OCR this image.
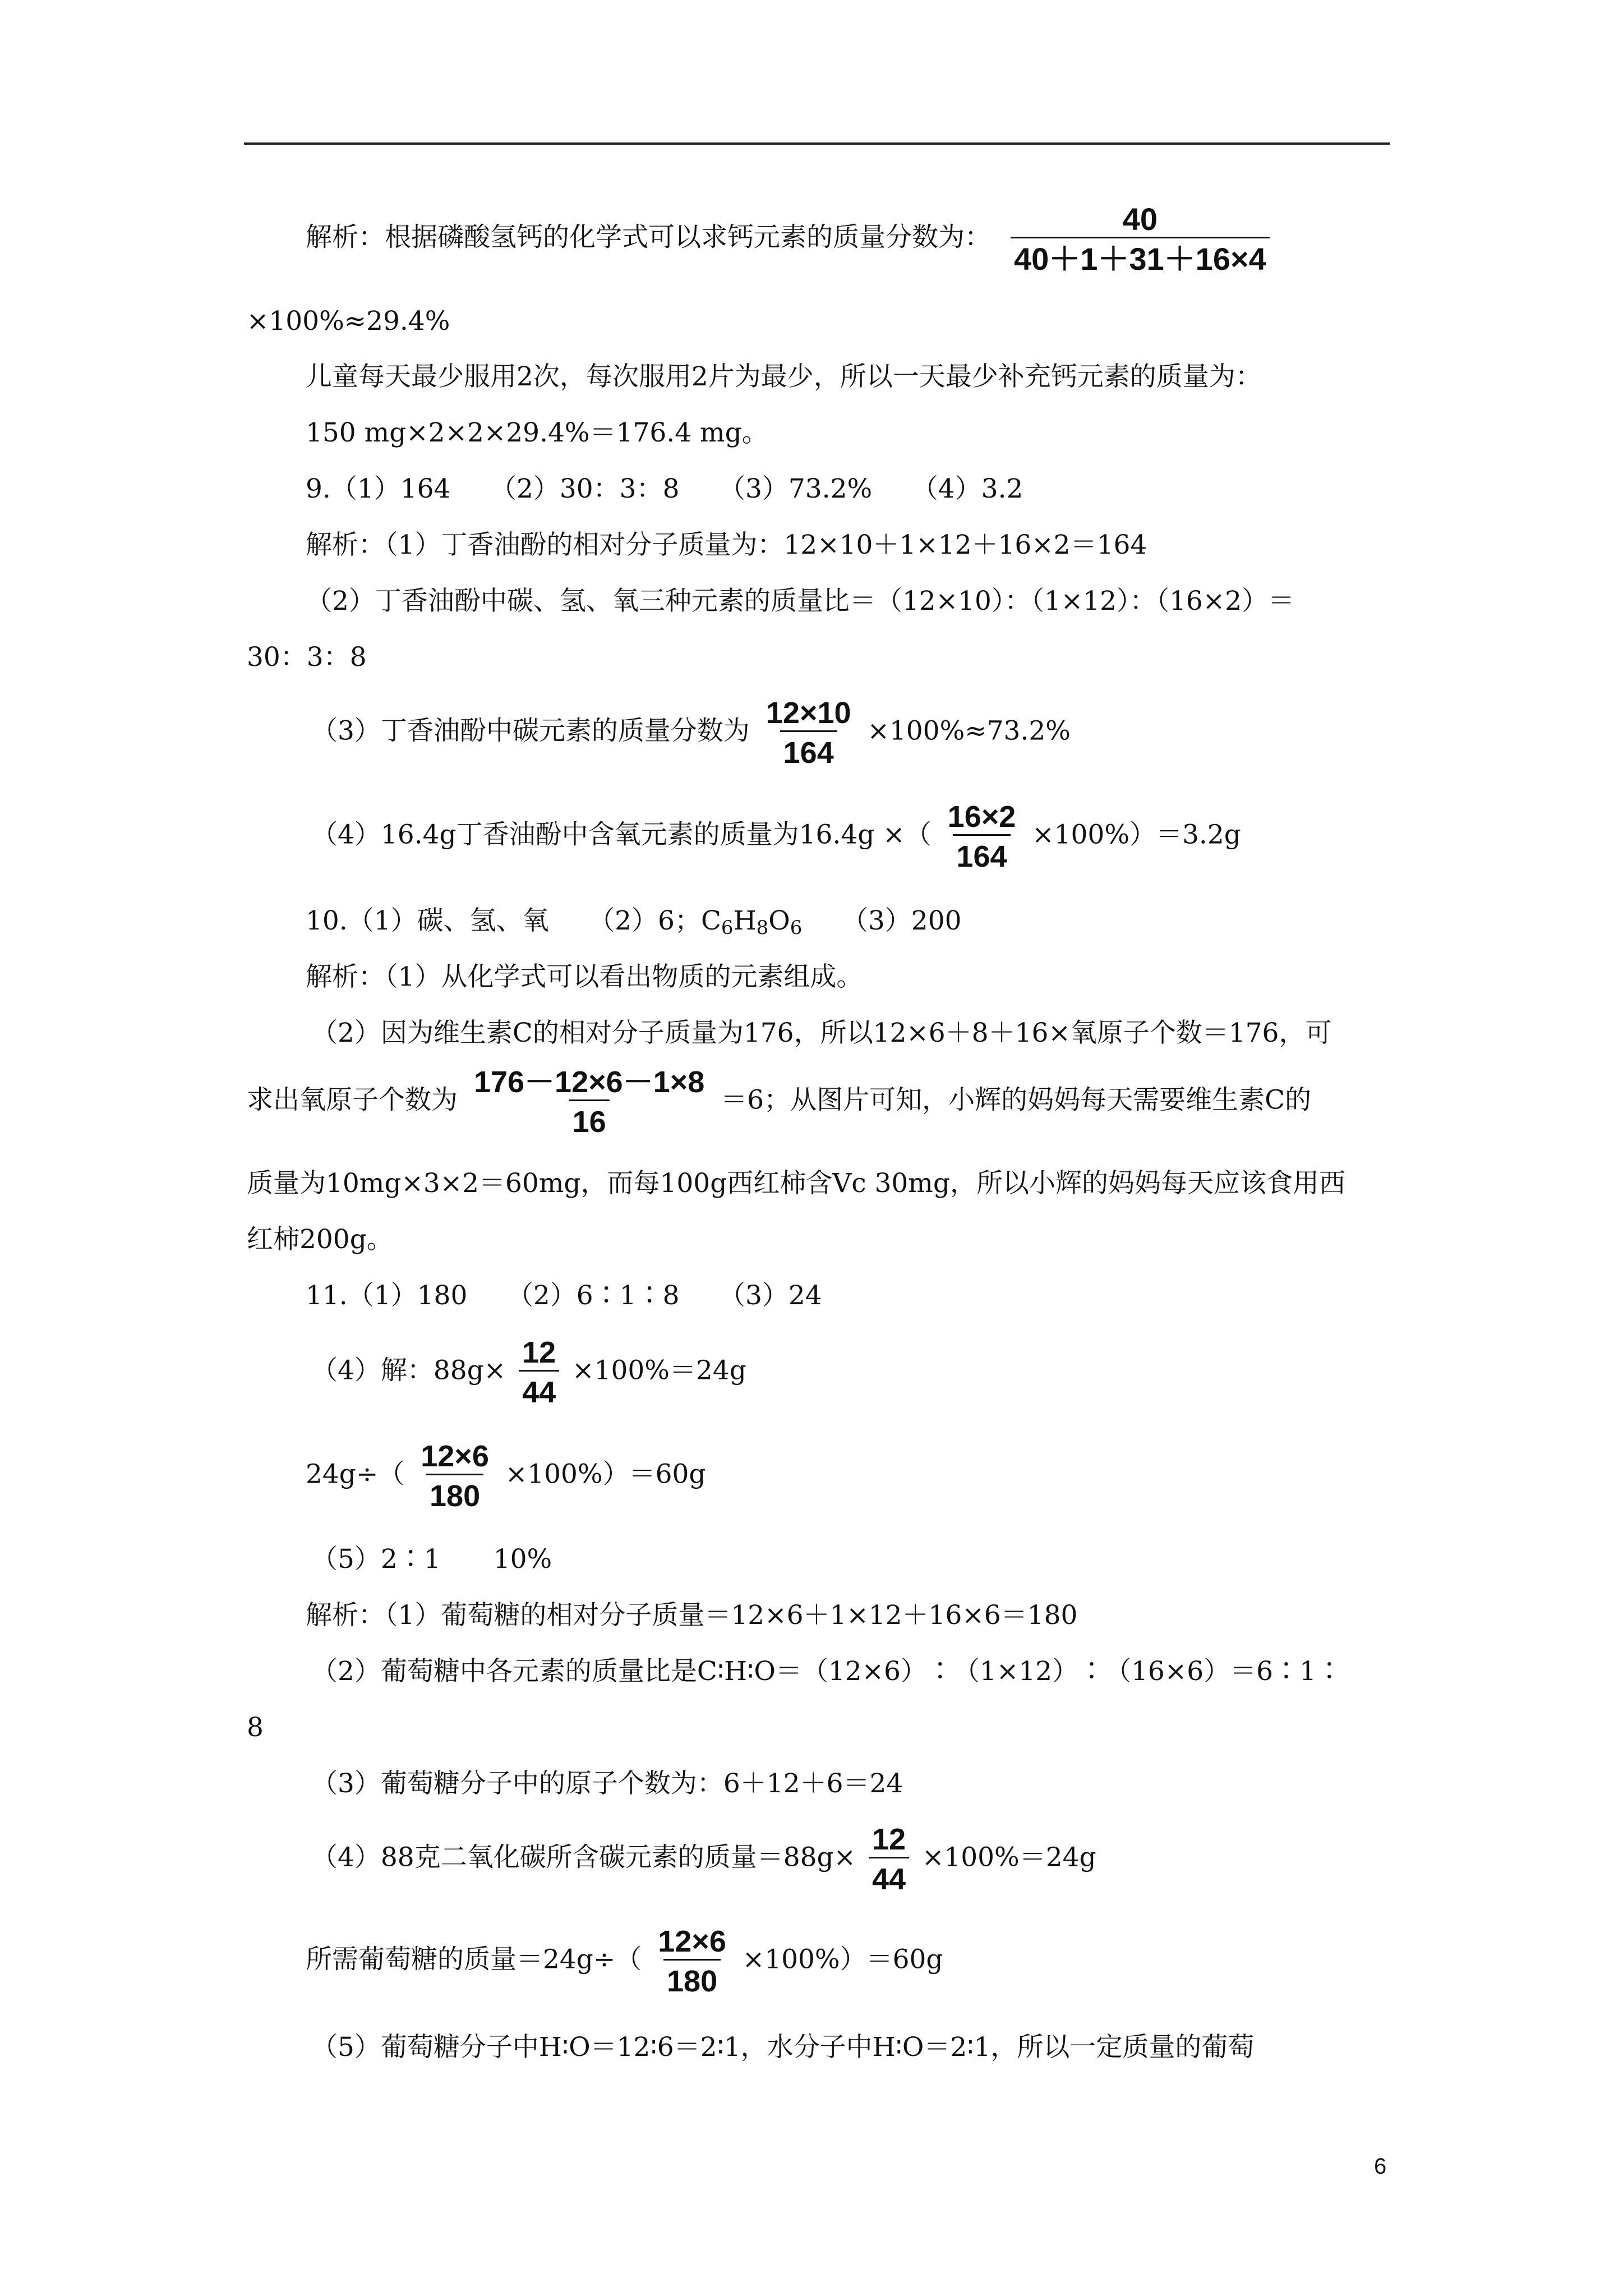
解析：根据磷酸氢钙的化学式可以求钙元素的质量分数为： $\frac{40}{40+1+31+16\times 4}$
×100%≈29.4%
儿童每天最少服用2次，每次服用2片为最少，所以一天最少补充钙元素的质量为：
150 mg×2×2×29.4%＝176.4 mg。
9.（1）164　　（2）30：3：8　　（3）73.2%　　（4）3.2
解析：（1）丁香油酚的相对分子质量为：12×10＋1×12＋16×2＝164
（2）丁香油酚中碳、氢、氧三种元素的质量比＝（12×10）：（1×12）：（16×2）＝
30：3：8
（3）丁香油酚中碳元素的质量分数为 $\frac{12\times 10}{164} \times 100\%\approx 73.2\%$
（4）16.4g丁香油酚中含氧元素的质量为16.4g ×（ $\frac{16\times 2}{164} \times 100\%)=3.2g$
10.（1）碳、氢、氧　　（2）6；$C_6H_8O_6$　　（3）200
解析：（1）从化学式可以看出物质的元素组成。
（2）因为维生素C的相对分子质量为176，所以12×6＋8＋16×氧原子个数＝176，可
求出氧原子个数为 $\frac{176-12\times 6-1\times 8}{16} =6$；从图片可知，小辉的妈妈每天需要维生素C的
质量为10mg×3×2＝60mg，而每100g西红柿含Vc 30mg，所以小辉的妈妈每天应该食用西
红柿200g。
11.（1）180　　（2）6∶1∶8　　（3）24
（4）解：$88g\times \frac{12}{44} \times 100\%=24g$
$24g\div( \frac{12\times 6}{180} \times 100\%)=60g$
（5）2∶1　　10%
解析：（1）葡萄糖的相对分子质量＝12×6＋1×12＋16×6＝180
（2）葡萄糖中各元素的质量比是C∶H∶O＝（12×6）∶（1×12）∶（16×6）＝6∶1∶
8
（3）葡萄糖分子中的原子个数为：6＋12＋6＝24
（4）88克二氧化碳所含碳元素的质量$=88g\times \frac{12}{44} \times 100\%=24g$
所需葡萄糖的质量$=24g\div( \frac{12\times 6}{180} \times 100\%)=60g$
（5）葡萄糖分子中H∶O＝12∶6＝2∶1，水分子中H∶O＝2∶1，所以一定质量的葡萄
6
